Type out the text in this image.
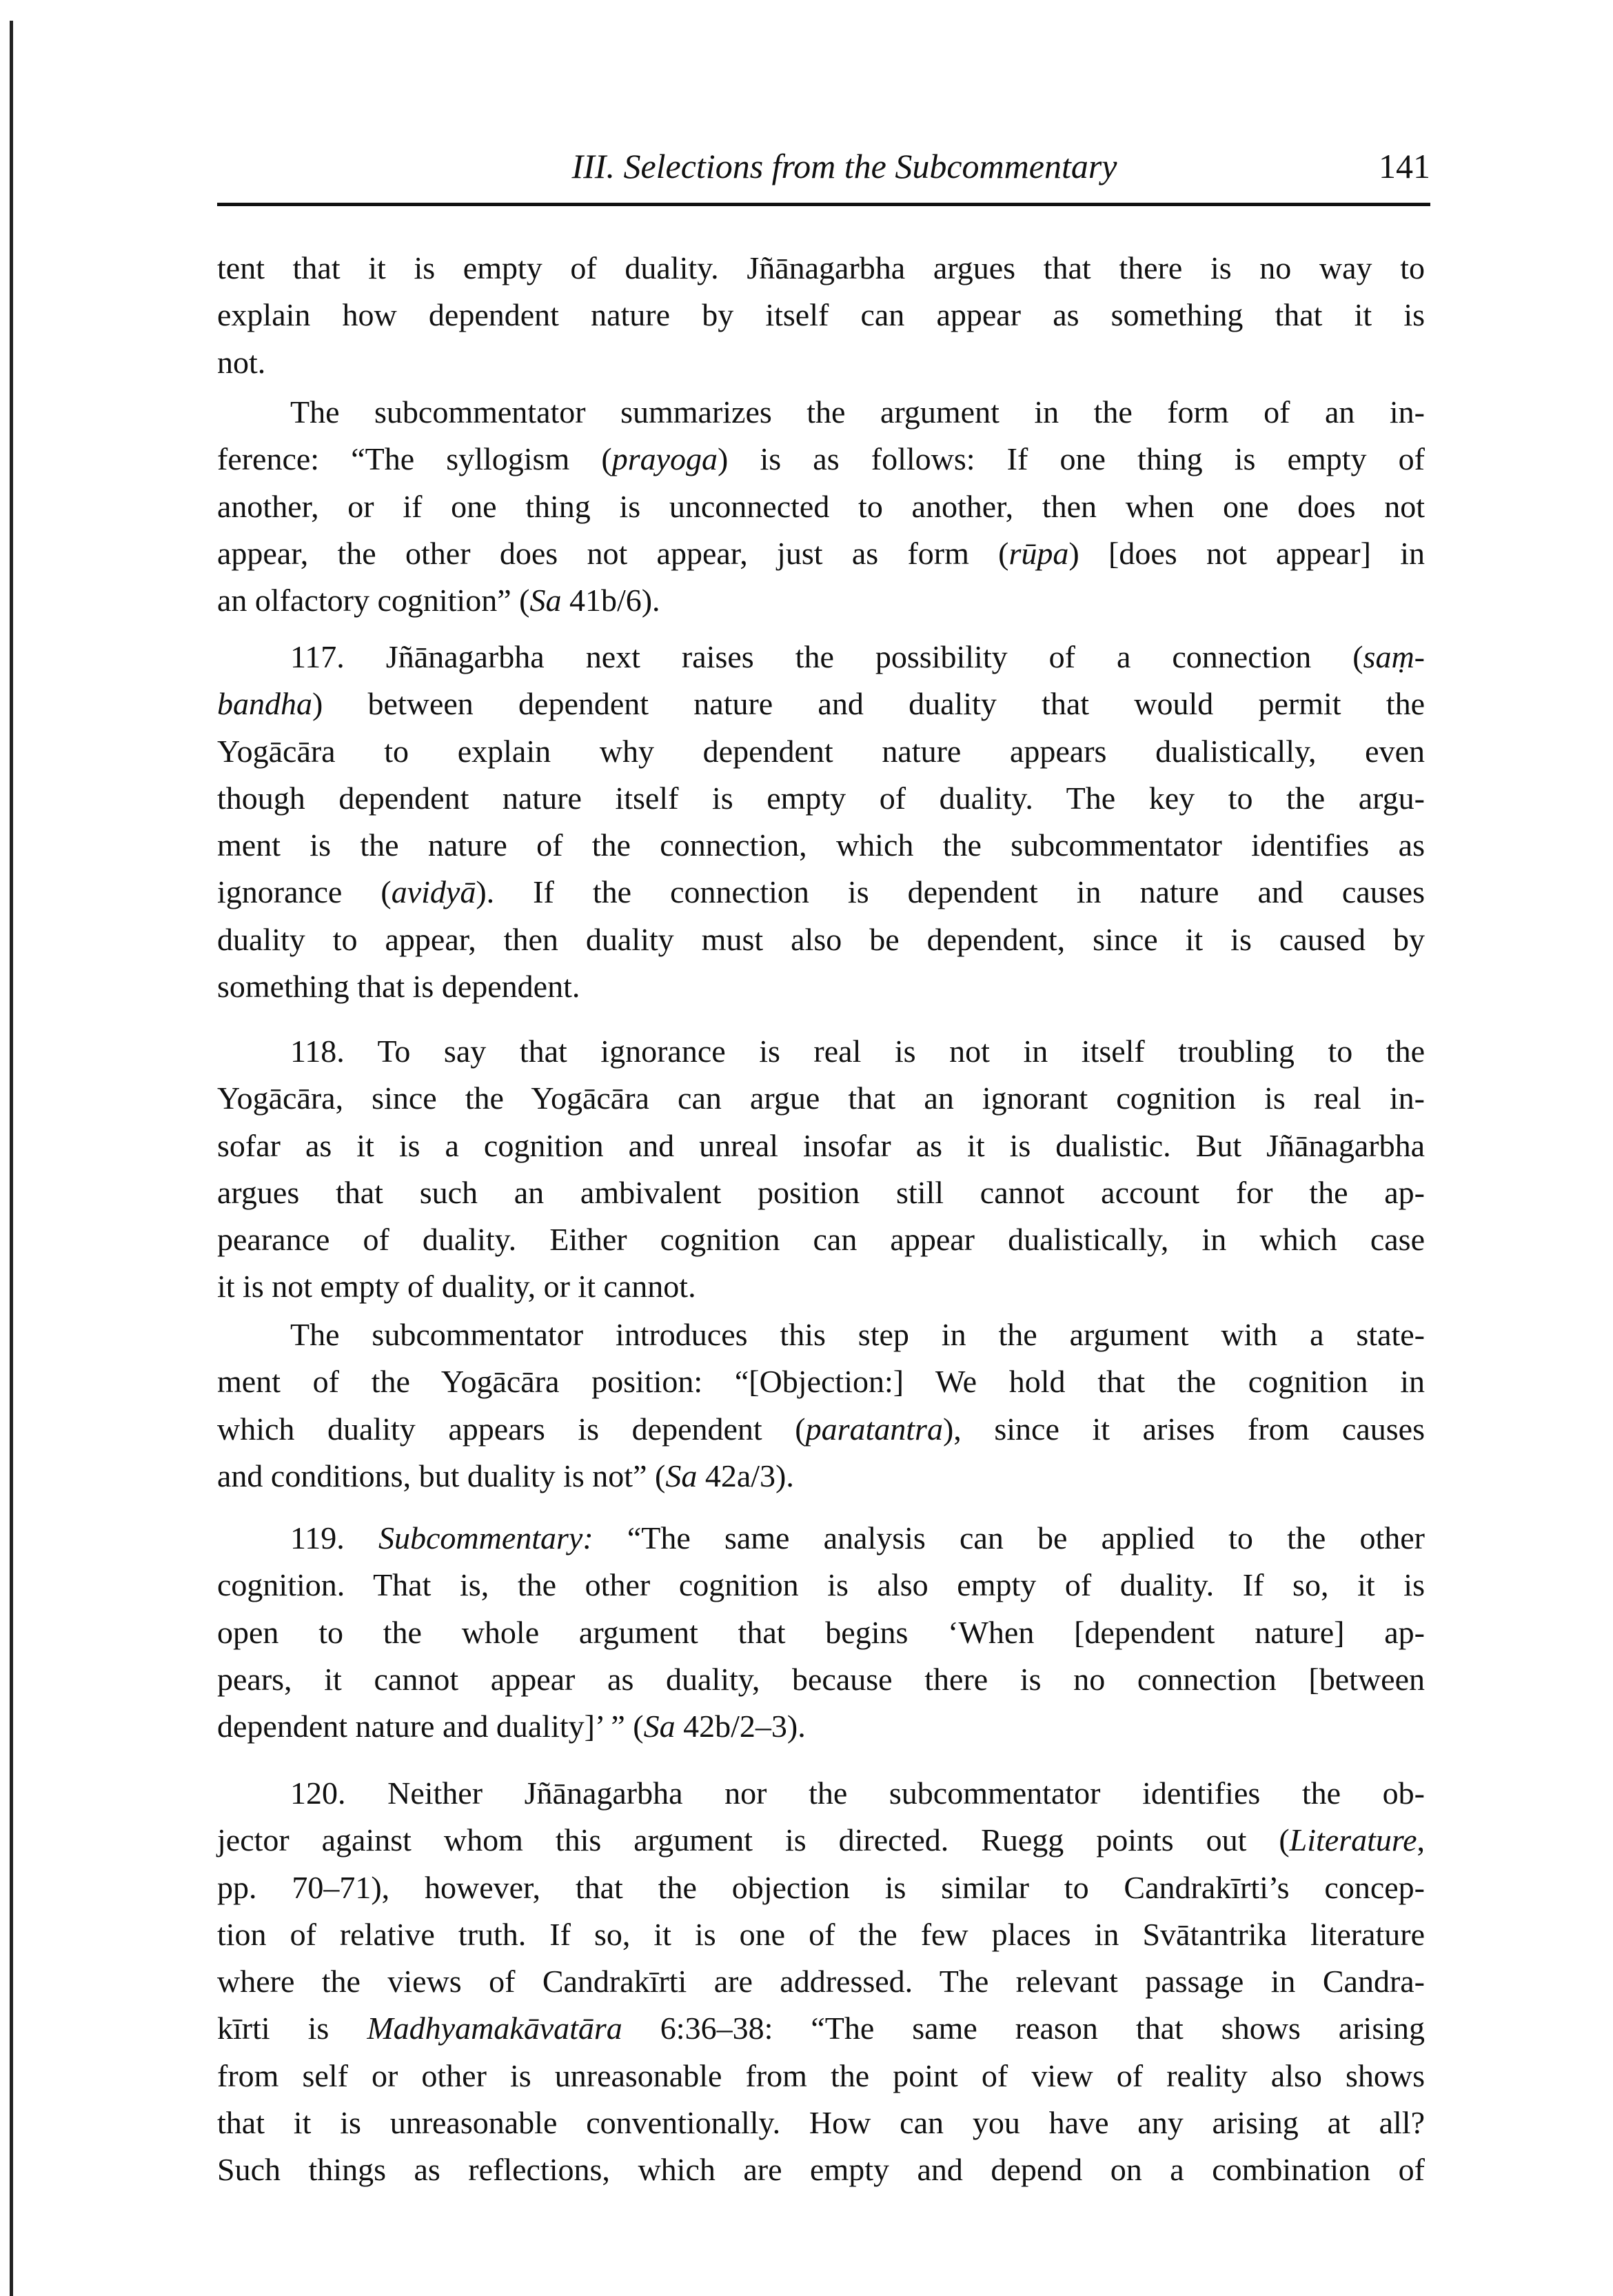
III. Selections from the Subcommentary	141
tent that it is empty of duality. Jñānagarbha argues that there is no way to
explain how dependent nature by itself can appear as something that it is
not.
The subcommentator summarizes the argument in the form of an in-
ference: “The syllogism (prayoga) is as follows: If one thing is empty of
another, or if one thing is unconnected to another, then when one does not
appear, the other does not appear, just as form (rūpa) [does not appear] in
an olfactory cognition” (Sa 41b/6).
117. Jñānagarbha next raises the possibility of a connection (saṃ-
bandha) between dependent nature and duality that would permit the
Yogācāra to explain why dependent nature appears dualistically, even
though dependent nature itself is empty of duality. The key to the argu-
ment is the nature of the connection, which the subcommentator identifies as
ignorance (avidyā). If the connection is dependent in nature and causes
duality to appear, then duality must also be dependent, since it is caused by
something that is dependent.
118. To say that ignorance is real is not in itself troubling to the
Yogācāra, since the Yogācāra can argue that an ignorant cognition is real in-
sofar as it is a cognition and unreal insofar as it is dualistic. But Jñānagarbha
argues that such an ambivalent position still cannot account for the ap-
pearance of duality. Either cognition can appear dualistically, in which case
it is not empty of duality, or it cannot.
The subcommentator introduces this step in the argument with a state-
ment of the Yogācāra position: “[Objection:] We hold that the cognition in
which duality appears is dependent (paratantra), since it arises from causes
and conditions, but duality is not” (Sa 42a/3).
119. Subcommentary: “The same analysis can be applied to the other
cognition. That is, the other cognition is also empty of duality. If so, it is
open to the whole argument that begins ‘When [dependent nature] ap-
pears, it cannot appear as duality, because there is no connection [between
dependent nature and duality]’ ” (Sa 42b/2–3).
120. Neither Jñānagarbha nor the subcommentator identifies the ob-
jector against whom this argument is directed. Ruegg points out (Literature,
pp. 70–71), however, that the objection is similar to Candrakīrti’s concep-
tion of relative truth. If so, it is one of the few places in Svātantrika literature
where the views of Candrakīrti are addressed. The relevant passage in Candra-
kīrti is Madhyamakāvatāra 6:36–38: “The same reason that shows arising
from self or other is unreasonable from the point of view of reality also shows
that it is unreasonable conventionally. How can you have any arising at all?
Such things as reflections, which are empty and depend on a combination of
